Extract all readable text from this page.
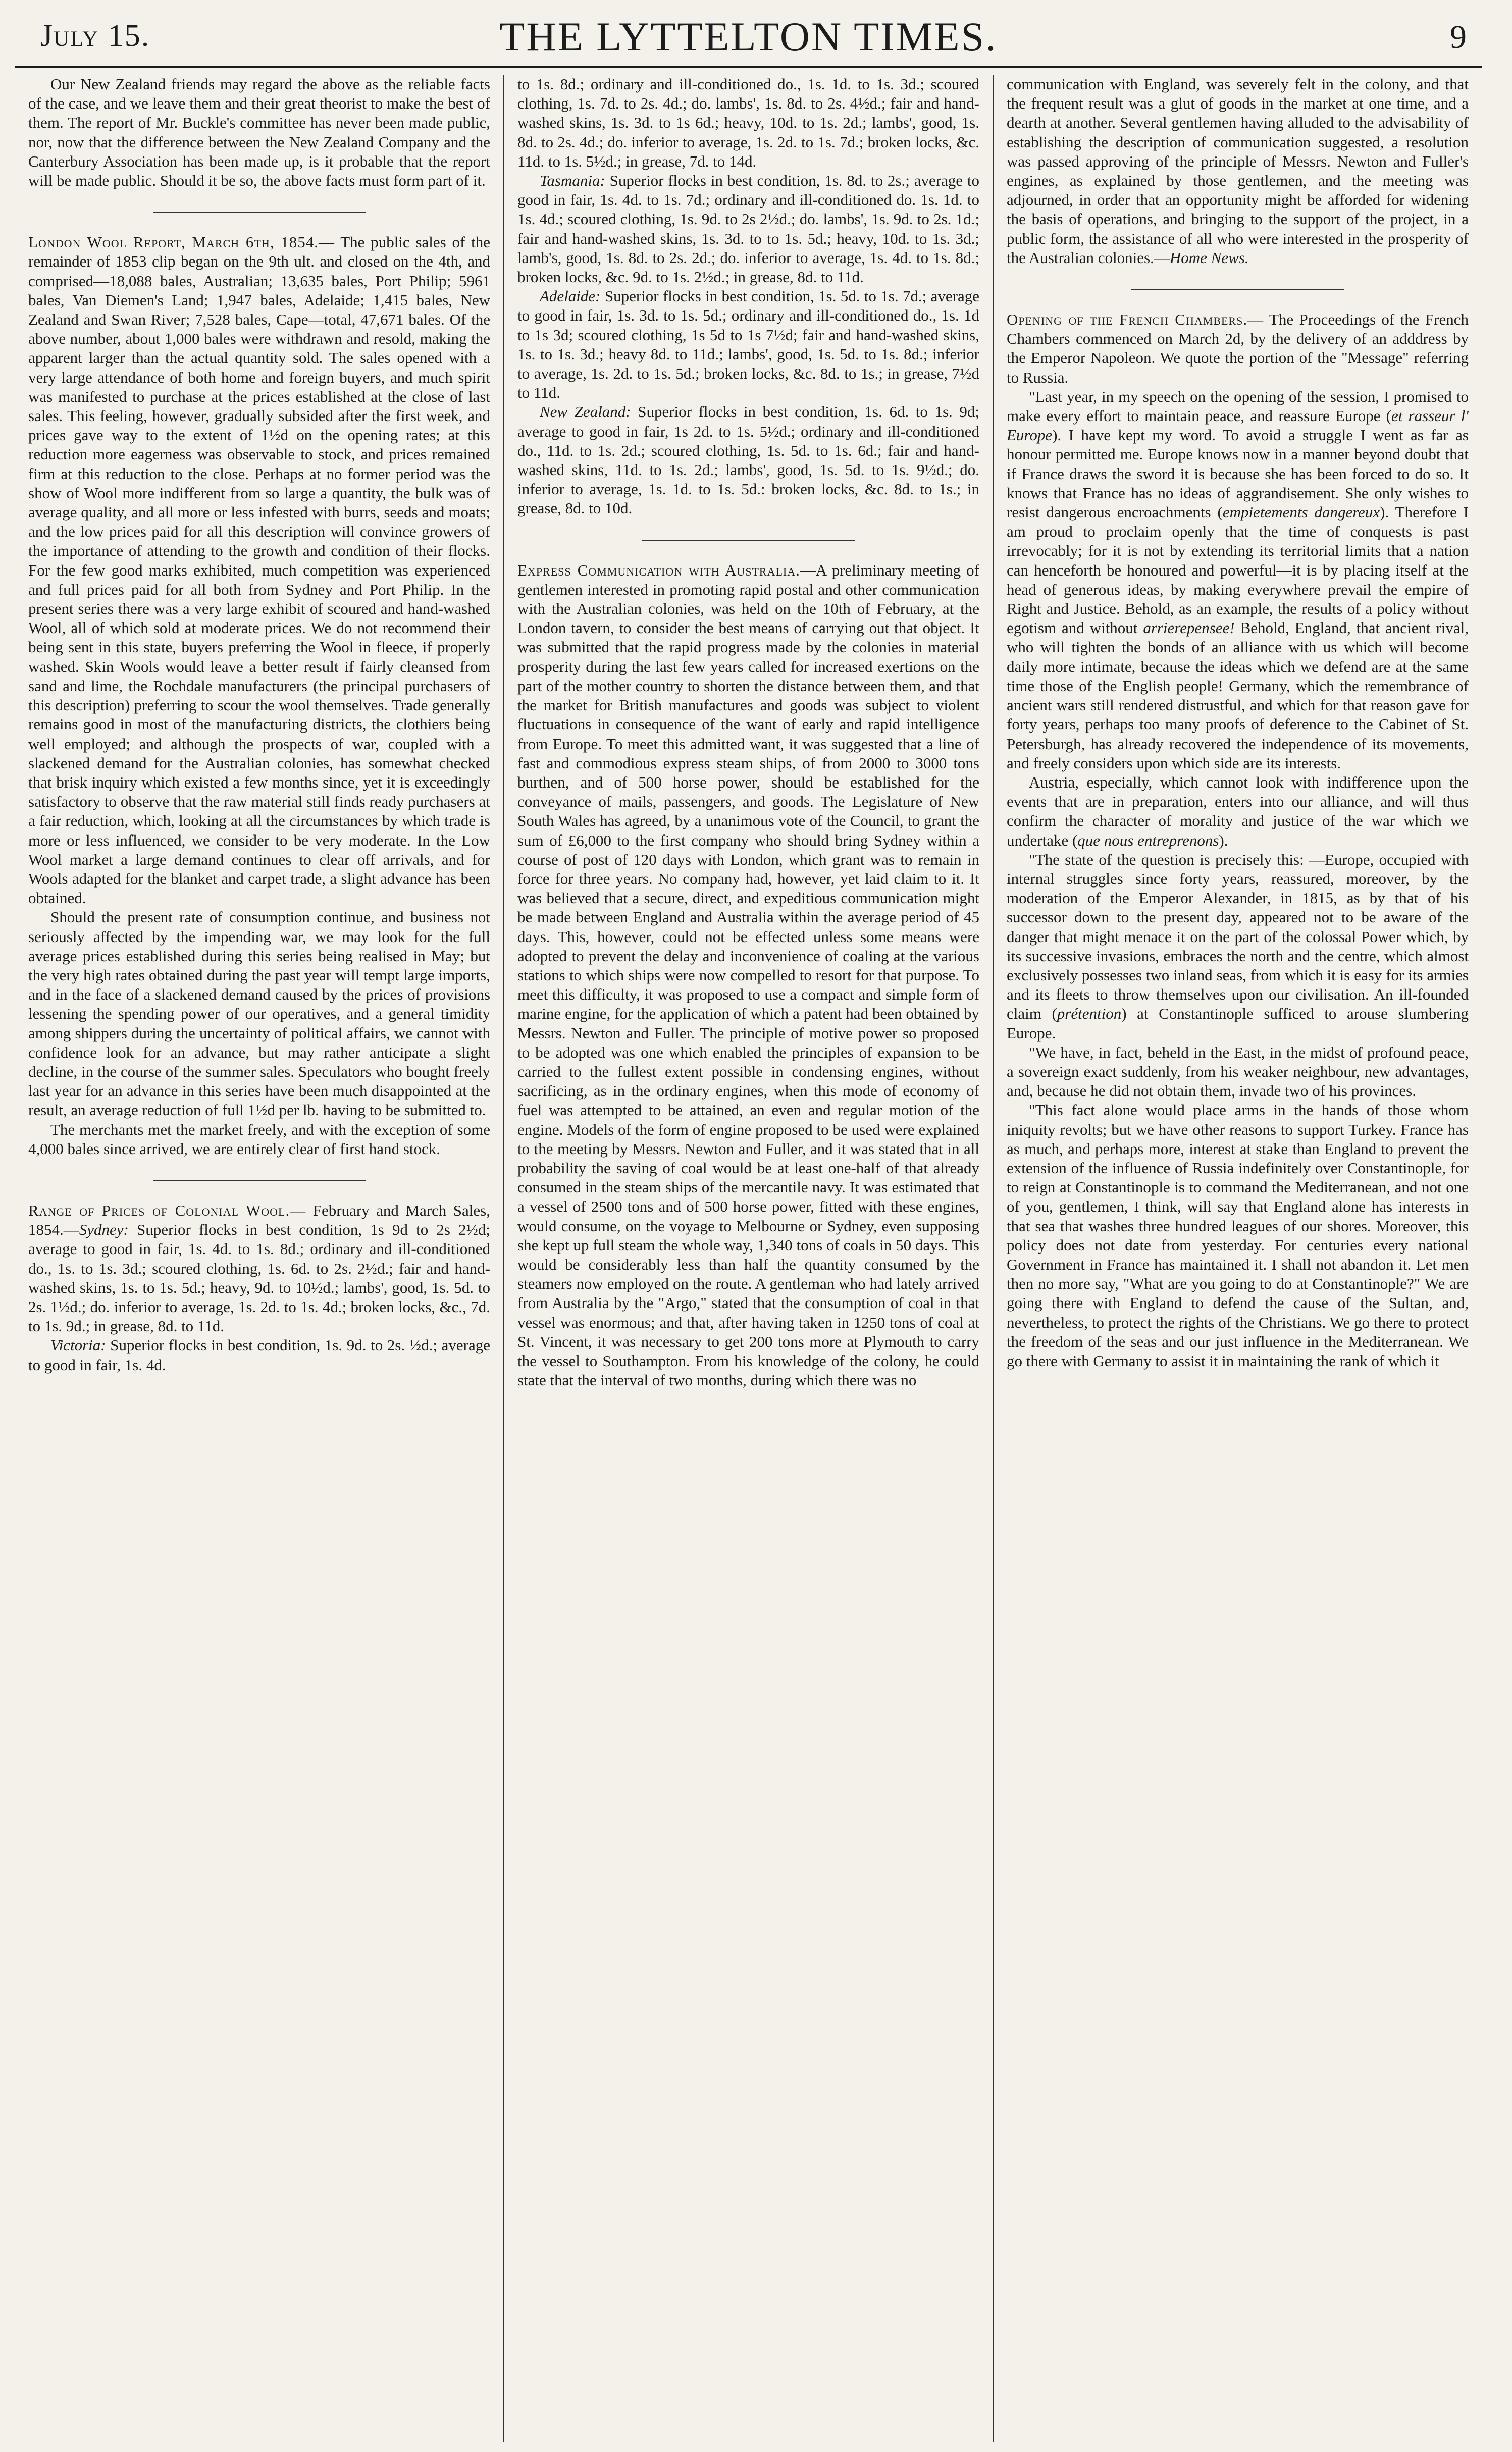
July 15.	THE LYTTELTON TIMES.	9

Our New Zealand friends may regard the above as the reliable facts of the case, and we leave them and their great theorist to make the best of them. The report of Mr. Buckle's committee has never been made public, nor, now that the difference between the New Zealand Company and the Canterbury Association has been made up, is it probable that the report will be made public. Should it be so, the above facts must form part of it.

London Wool Report, March 6th, 1854.— The public sales of the remainder of 1853 clip began on the 9th ult. and closed on the 4th, and comprised—18,088 bales, Australian; 13,635 bales, Port Philip; 5961 bales, Van Diemen's Land; 1,947 bales, Adelaide; 1,415 bales, New Zealand and Swan River; 7,528 bales, Cape—total, 47,671 bales. Of the above number, about 1,000 bales were withdrawn and resold, making the apparent larger than the actual quantity sold. The sales opened with a very large attendance of both home and foreign buyers, and much spirit was manifested to purchase at the prices established at the close of last sales. This feeling, however, gradually subsided after the first week, and prices gave way to the extent of 1½d on the opening rates; at this reduction more eagerness was observable to stock, and prices remained firm at this reduction to the close. Perhaps at no former period was the show of Wool more indifferent from so large a quantity, the bulk was of average quality, and all more or less infested with burrs, seeds and moats; and the low prices paid for all this description will convince growers of the importance of attending to the growth and condition of their flocks. For the few good marks exhibited, much competition was experienced and full prices paid for all both from Sydney and Port Philip. In the present series there was a very large exhibit of scoured and hand-washed Wool, all of which sold at moderate prices. We do not recommend their being sent in this state, buyers preferring the Wool in fleece, if properly washed. Skin Wools would leave a better result if fairly cleansed from sand and lime, the Rochdale manufacturers (the principal purchasers of this description) preferring to scour the wool themselves. Trade generally remains good in most of the manufacturing districts, the clothiers being well employed; and although the prospects of war, coupled with a slackened demand for the Australian colonies, has somewhat checked that brisk inquiry which existed a few months since, yet it is exceedingly satisfactory to observe that the raw material still finds ready purchasers at a fair reduction, which, looking at all the circumstances by which trade is more or less influenced, we consider to be very moderate. In the Low Wool market a large demand continues to clear off arrivals, and for Wools adapted for the blanket and carpet trade, a slight advance has been obtained.

Should the present rate of consumption continue, and business not seriously affected by the impending war, we may look for the full average prices established during this series being realised in May; but the very high rates obtained during the past year will tempt large imports, and in the face of a slackened demand caused by the prices of provisions lessening the spending power of our operatives, and a general timidity among shippers during the uncertainty of political affairs, we cannot with confidence look for an advance, but may rather anticipate a slight decline, in the course of the summer sales. Speculators who bought freely last year for an advance in this series have been much disappointed at the result, an average reduction of full 1½d per lb. having to be submitted to.

The merchants met the market freely, and with the exception of some 4,000 bales since arrived, we are entirely clear of first hand stock.

Range of Prices of Colonial Wool.— February and March Sales, 1854.—Sydney: Superior flocks in best condition, 1s 9d to 2s 2½d; average to good in fair, 1s. 4d. to 1s. 8d.; ordinary and ill-conditioned do., 1s. to 1s. 3d.; scoured clothing, 1s. 6d. to 2s. 2½d.; fair and hand-washed skins, 1s. to 1s. 5d.; heavy, 9d. to 10½d.; lambs', good, 1s. 5d. to 2s. 1½d.; do. inferior to average, 1s. 2d. to 1s. 4d.; broken locks, &c., 7d. to 1s. 9d.; in grease, 8d. to 11d.

Victoria: Superior flocks in best condition, 1s. 9d. to 2s. ½d.; average to good in fair, 1s. 4d.

to 1s. 8d.; ordinary and ill-conditioned do., 1s. 1d. to 1s. 3d.; scoured clothing, 1s. 7d. to 2s. 4d.; do. lambs', 1s. 8d. to 2s. 4½d.; fair and hand-washed skins, 1s. 3d. to 1s 6d.; heavy, 10d. to 1s. 2d.; lambs', good, 1s. 8d. to 2s. 4d.; do. inferior to average, 1s. 2d. to 1s. 7d.; broken locks, &c. 11d. to 1s. 5½d.; in grease, 7d. to 14d.

Tasmania: Superior flocks in best condition, 1s. 8d. to 2s.; average to good in fair, 1s. 4d. to 1s. 7d.; ordinary and ill-conditioned do. 1s. 1d. to 1s. 4d.; scoured clothing, 1s. 9d. to 2s 2½d.; do. lambs', 1s. 9d. to 2s. 1d.; fair and hand-washed skins, 1s. 3d. to to 1s. 5d.; heavy, 10d. to 1s. 3d.; lamb's, good, 1s. 8d. to 2s. 2d.; do. inferior to average, 1s. 4d. to 1s. 8d.; broken locks, &c. 9d. to 1s. 2½d.; in grease, 8d. to 11d.

Adelaide: Superior flocks in best condition, 1s. 5d. to 1s. 7d.; average to good in fair, 1s. 3d. to 1s. 5d.; ordinary and ill-conditioned do., 1s. 1d to 1s 3d; scoured clothing, 1s 5d to 1s 7½d; fair and hand-washed skins, 1s. to 1s. 3d.; heavy 8d. to 11d.; lambs', good, 1s. 5d. to 1s. 8d.; inferior to average, 1s. 2d. to 1s. 5d.; broken locks, &c. 8d. to 1s.; in grease, 7½d to 11d.

New Zealand: Superior flocks in best condition, 1s. 6d. to 1s. 9d; average to good in fair, 1s 2d. to 1s. 5½d.; ordinary and ill-conditioned do., 11d. to 1s. 2d.; scoured clothing, 1s. 5d. to 1s. 6d.; fair and hand-washed skins, 11d. to 1s. 2d.; lambs', good, 1s. 5d. to 1s. 9½d.; do. inferior to average, 1s. 1d. to 1s. 5d.: broken locks, &c. 8d. to 1s.; in grease, 8d. to 10d.

Express Communication with Australia.—A preliminary meeting of gentlemen interested in promoting rapid postal and other communication with the Australian colonies, was held on the 10th of February, at the London tavern, to consider the best means of carrying out that object. It was submitted that the rapid progress made by the colonies in material prosperity during the last few years called for increased exertions on the part of the mother country to shorten the distance between them, and that the market for British manufactures and goods was subject to violent fluctuations in consequence of the want of early and rapid intelligence from Europe. To meet this admitted want, it was suggested that a line of fast and commodious express steam ships, of from 2000 to 3000 tons burthen, and of 500 horse power, should be established for the conveyance of mails, passengers, and goods. The Legislature of New South Wales has agreed, by a unanimous vote of the Council, to grant the sum of £6,000 to the first company who should bring Sydney within a course of post of 120 days with London, which grant was to remain in force for three years. No company had, however, yet laid claim to it. It was believed that a secure, direct, and expeditious communication might be made between England and Australia within the average period of 45 days. This, however, could not be effected unless some means were adopted to prevent the delay and inconvenience of coaling at the various stations to which ships were now compelled to resort for that purpose. To meet this difficulty, it was proposed to use a compact and simple form of marine engine, for the application of which a patent had been obtained by Messrs. Newton and Fuller. The principle of motive power so proposed to be adopted was one which enabled the principles of expansion to be carried to the fullest extent possible in condensing engines, without sacrificing, as in the ordinary engines, when this mode of economy of fuel was attempted to be attained, an even and regular motion of the engine. Models of the form of engine proposed to be used were explained to the meeting by Messrs. Newton and Fuller, and it was stated that in all probability the saving of coal would be at least one-half of that already consumed in the steam ships of the mercantile navy. It was estimated that a vessel of 2500 tons and of 500 horse power, fitted with these engines, would consume, on the voyage to Melbourne or Sydney, even supposing she kept up full steam the whole way, 1,340 tons of coals in 50 days. This would be considerably less than half the quantity consumed by the steamers now employed on the route. A gentleman who had lately arrived from Australia by the "Argo," stated that the consumption of coal in that vessel was enormous; and that, after having taken in 1250 tons of coal at St. Vincent, it was necessary to get 200 tons more at Plymouth to carry the vessel to Southampton. From his knowledge of the colony, he could state that the interval of two months, during which there was no

communication with England, was severely felt in the colony, and that the frequent result was a glut of goods in the market at one time, and a dearth at another. Several gentlemen having alluded to the advisability of establishing the description of communication suggested, a resolution was passed approving of the principle of Messrs. Newton and Fuller's engines, as explained by those gentlemen, and the meeting was adjourned, in order that an opportunity might be afforded for widening the basis of operations, and bringing to the support of the project, in a public form, the assistance of all who were interested in the prosperity of the Australian colonies.—Home News.

Opening of the French Chambers.— The Proceedings of the French Chambers commenced on March 2d, by the delivery of an adddress by the Emperor Napoleon. We quote the portion of the "Message" referring to Russia.

"Last year, in my speech on the opening of the session, I promised to make every effort to maintain peace, and reassure Europe (et rasseur l' Europe). I have kept my word. To avoid a struggle I went as far as honour permitted me. Europe knows now in a manner beyond doubt that if France draws the sword it is because she has been forced to do so. It knows that France has no ideas of aggrandisement. She only wishes to resist dangerous encroachments (empietements dangereux). Therefore I am proud to proclaim openly that the time of conquests is past irrevocably; for it is not by extending its territorial limits that a nation can henceforth be honoured and powerful—it is by placing itself at the head of generous ideas, by making everywhere prevail the empire of Right and Justice. Behold, as an example, the results of a policy without egotism and without arrierepensee! Behold, England, that ancient rival, who will tighten the bonds of an alliance with us which will become daily more intimate, because the ideas which we defend are at the same time those of the English people! Germany, which the remembrance of ancient wars still rendered distrustful, and which for that reason gave for forty years, perhaps too many proofs of deference to the Cabinet of St. Petersburgh, has already recovered the independence of its movements, and freely considers upon which side are its interests.

Austria, especially, which cannot look with indifference upon the events that are in preparation, enters into our alliance, and will thus confirm the character of morality and justice of the war which we undertake (que nous entreprenons).

"The state of the question is precisely this: —Europe, occupied with internal struggles since forty years, reassured, moreover, by the moderation of the Emperor Alexander, in 1815, as by that of his successor down to the present day, appeared not to be aware of the danger that might menace it on the part of the colossal Power which, by its successive invasions, embraces the north and the centre, which almost exclusively possesses two inland seas, from which it is easy for its armies and its fleets to throw themselves upon our civilisation. An ill-founded claim (prétention) at Constantinople sufficed to arouse slumbering Europe.

"We have, in fact, beheld in the East, in the midst of profound peace, a sovereign exact suddenly, from his weaker neighbour, new advantages, and, because he did not obtain them, invade two of his provinces.

"This fact alone would place arms in the hands of those whom iniquity revolts; but we have other reasons to support Turkey. France has as much, and perhaps more, interest at stake than England to prevent the extension of the influence of Russia indefinitely over Constantinople, for to reign at Constantinople is to command the Mediterranean, and not one of you, gentlemen, I think, will say that England alone has interests in that sea that washes three hundred leagues of our shores. Moreover, this policy does not date from yesterday. For centuries every national Government in France has maintained it. I shall not abandon it. Let men then no more say, "What are you going to do at Constantinople?" We are going there with England to defend the cause of the Sultan, and, nevertheless, to protect the rights of the Christians. We go there to protect the freedom of the seas and our just influence in the Mediterranean. We go there with Germany to assist it in maintaining the rank of which it
